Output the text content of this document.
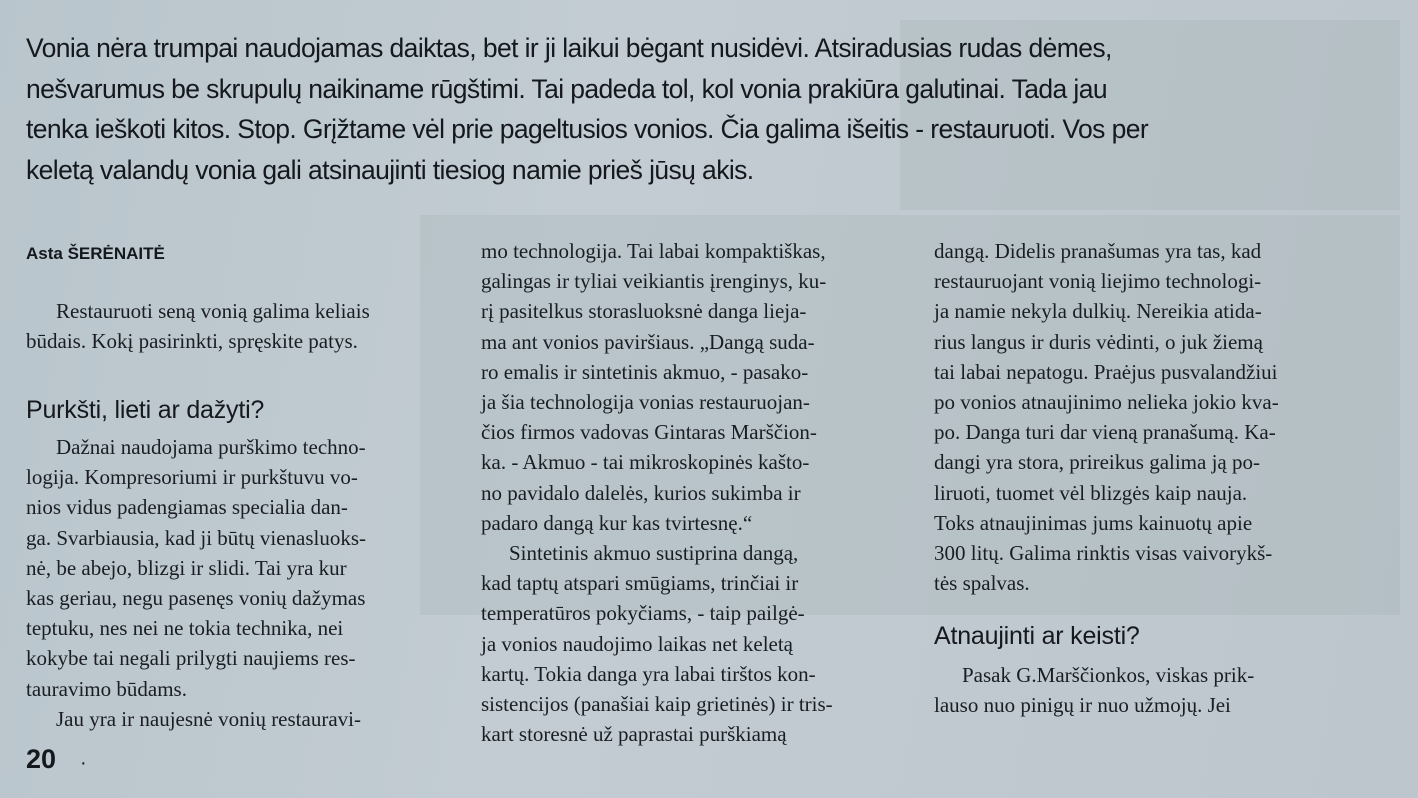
Vonia nėra trumpai naudojamas daiktas, bet ir ji laikui bėgant nusidėvi. Atsiradusias rudas dėmes,

nešvarumus be skrupulų naikiname rūgštimi. Tai padeda tol, kol vonia prakiūra galutinai. Tada jau

tenka ieškoti kitos. Stop. Grįžtame vėl prie pageltusios vonios. Čia galima išeitis - restauruoti. Vos per

keletą valandų vonia gali atsinaujinti tiesiog namie prieš jūsų akis.

Asta ŠERĖNAITĖ

Restauruoti seną vonią galima keliais

būdais. Kokį pasirinkti, spręskite patys.

Purkšti, lieti ar dažyti?

Dažnai naudojama purškimo techno-

logija. Kompresoriumi ir purkštuvu vo-

nios vidus padengiamas specialia dan-

ga. Svarbiausia, kad ji būtų vienasluoks-

nė, be abejo, blizgi ir slidi. Tai yra kur

kas geriau, negu pasenęs vonių dažymas

teptuku, nes nei ne tokia technika, nei

kokybe tai negali prilygti naujiems res-

tauravimo būdams.

Jau yra ir naujesnė vonių restauravi-

mo technologija. Tai labai kompaktiškas,

galingas ir tyliai veikiantis įrenginys, ku-

rį pasitelkus storasluoksnė danga lieja-

ma ant vonios paviršiaus. „Dangą suda-

ro emalis ir sintetinis akmuo, - pasako-

ja šia technologija vonias restauruojan-

čios firmos vadovas Gintaras Marščion-

ka. - Akmuo - tai mikroskopinės kašto-

no pavidalo dalelės, kurios sukimba ir

padaro dangą kur kas tvirtesnę.“

Sintetinis akmuo sustiprina dangą,

kad taptų atspari smūgiams, trinčiai ir

temperatūros pokyčiams, - taip pailgė-

ja vonios naudojimo laikas net keletą

kartų. Tokia danga yra labai tirštos kon-

sistencijos (panašiai kaip grietinės) ir tris-

kart storesnė už paprastai purškiamą

dangą. Didelis pranašumas yra tas, kad

restauruojant vonią liejimo technologi-

ja namie nekyla dulkių. Nereikia atida-

rius langus ir duris vėdinti, o juk žiemą

tai labai nepatogu. Praėjus pusvalandžiui

po vonios atnaujinimo nelieka jokio kva-

po. Danga turi dar vieną pranašumą. Ka-

dangi yra stora, prireikus galima ją po-

liruoti, tuomet vėl blizgės kaip nauja.

Toks atnaujinimas jums kainuotų apie

300 litų. Galima rinktis visas vaivorykš-

tės spalvas.

Atnaujinti ar keisti?

Pasak G.Marščionkos, viskas prik-

lauso nuo pinigų ir nuo užmojų. Jei

20 ·
